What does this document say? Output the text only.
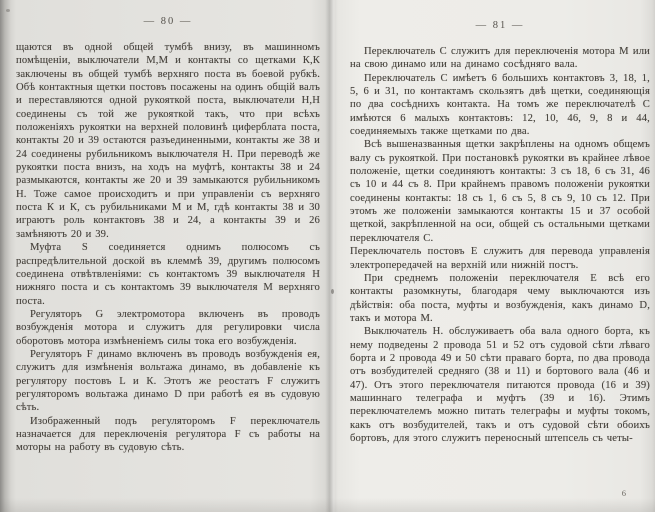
— 80 —

щаются въ одной общей тумбѣ внизу, въ машинномъ помѣщеніи, выключатели М,М и контакты со щетками К,К заключены въ общей тумбѣ верхняго поста въ боевой рубкѣ. Обѣ контактныя щетки постовъ посажены на одинъ общій валъ и переставляются одной рукояткой поста, выключатели Н,Н соединены съ той же рукояткой такъ, что при всѣхъ положеніяхъ рукоятки на верхней половинѣ циферблата поста, контакты 20 и 39 остаются разъединенными, контакты же 38 и 24 соединены рубильникомъ выключателя Н. При переводѣ же рукоятки поста внизъ, на ходъ на муфтѣ, контакты 38 и 24 размыкаются, контакты же 20 и 39 замыкаются рубильникомъ Н. Тоже самое происходитъ и при управленіи съ верхняго поста К и К, съ рубильниками М и М, гдѣ контакты 38 и 30 играютъ роль контактовъ 38 и 24, а контакты 39 и 26 замѣняютъ 20 и 39.

Муфта S соединяется однимъ полюсомъ съ распредѣлительной доской въ клеммѣ 39, другимъ полюсомъ соединена отвѣтвленіями: съ контактомъ 39 выключателя Н нижняго поста и съ контактомъ 39 выключателя М верхняго поста.

Регуляторъ G электромотора включенъ въ проводъ возбужденія мотора и служитъ для регулировки числа оборотовъ мотора измѣненіемъ силы тока его возбужденія.

Регуляторъ F динамо включенъ въ проводъ возбужденія ея, служитъ для измѣненія вольтажа динамо, въ добавленіе къ регулятору постовъ L и К. Этотъ же реостатъ F служитъ регуляторомъ вольтажа динамо D при работѣ ея въ судовую сѣть.

Изображенный подъ регуляторомъ F переключатель назначается для переключенія регулятора F съ работы на моторы на работу въ судовую сѣть.

— 81 —

Переключатель С служитъ для переключенія мотора М или на свою динамо или на динамо сосѣдняго вала.

Переключатель С имѣетъ 6 большихъ контактовъ 3, 18, 1, 5, 6 и 31, по контактамъ скользятъ двѣ щетки, соединяющія по два сосѣднихъ контакта. На томъ же переключателѣ С имѣются 6 малыхъ контактовъ: 12, 10, 46, 9, 8 и 44, соединяемыхъ также щетками по два.

Всѣ вышеназванныя щетки закрѣплены на одномъ общемъ валу съ рукояткой. При постановкѣ рукоятки въ крайнее лѣвое положеніе, щетки соединяютъ контакты: 3 съ 18, 6 съ 31, 46 съ 10 и 44 съ 8. При крайнемъ правомъ положеніи рукоятки соединены контакты: 18 съ 1, 6 съ 5, 8 съ 9, 10 съ 12. При этомъ же положеніи замыкаются контакты 15 и 37 особой щеткой, закрѣпленной на оси, общей съ остальными щетками переключателя С.

Переключатель постовъ Е служитъ для перевода управленія электропередачей на верхній или нижній постъ.

При среднемъ положеніи переключателя Е всѣ его контакты разомкнуты, благодаря чему выключаются изъ дѣйствія: оба поста, муфты и возбужденія, какъ динамо D, такъ и мотора М.

Выключатель Н. обслуживаетъ оба вала одного борта, къ нему подведены 2 провода 51 и 52 отъ судовой сѣти лѣваго борта и 2 провода 49 и 50 сѣти праваго борта, по два провода отъ возбудителей средняго (38 и 11) и бортового вала (46 и 47). Отъ этого переключателя питаются провода (16 и 39) машиннаго телеграфа и муфтъ (39 и 16). Этимъ переключателемъ можно питать телеграфы и муфты токомъ, какъ отъ возбудителей, такъ и отъ судовой сѣти обоихъ бортовъ, для этого служитъ переносный штепсель съ четы-

6
